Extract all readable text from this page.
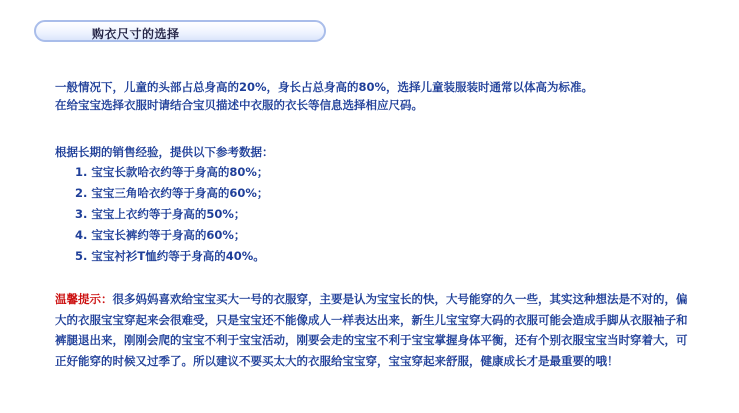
购衣尺寸的选择
一般情况下，儿童的头部占总身高的20%，身长占总身高的80%，选择儿童装服装时通常以体高为标准。
在给宝宝选择衣服时请结合宝贝描述中衣服的衣长等信息选择相应尺码。
根据长期的销售经验，提供以下参考数据：
1. 宝宝长款哈衣约等于身高的80%；
2. 宝宝三角哈衣约等于身高的60%；
3. 宝宝上衣约等于身高的50%；
4. 宝宝长裤约等于身高的60%；
5. 宝宝衬衫T恤约等于身高的40%。
温馨提示：很多妈妈喜欢给宝宝买大一号的衣服穿，主要是认为宝宝长的快，大号能穿的久一些，其实这种想法是不对的，偏大的衣服宝宝穿起来会很难受，只是宝宝还不能像成人一样表达出来，新生儿宝宝穿大码的衣服可能会造成手脚从衣服袖子和裤腿退出来，刚刚会爬的宝宝不利于宝宝活动，刚要会走的宝宝不利于宝宝掌握身体平衡，还有个别衣服宝宝当时穿着大，可正好能穿的时候又过季了。所以建议不要买太大的衣服给宝宝穿，宝宝穿起来舒服，健康成长才是最重要的哦！
